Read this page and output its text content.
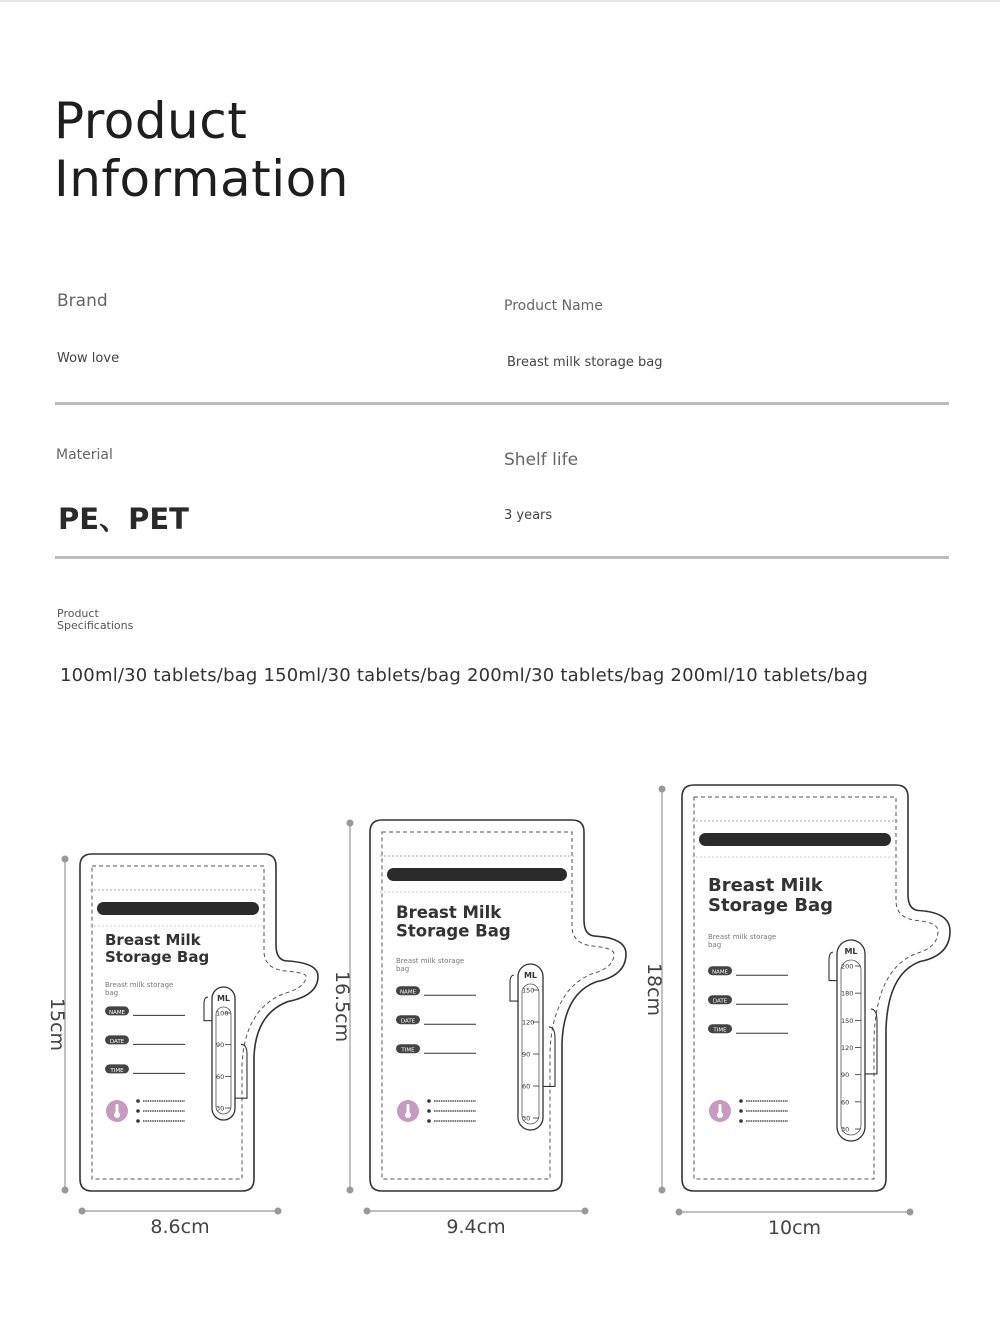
Product
Information
Brand
Wow love
Product Name
Breast milk storage bag
Material
PE、PET
Shelf life
3 years
Product Specifications
100ml/30 tablets/bag 150ml/30 tablets/bag 200ml/30 tablets/bag 200ml/10 tablets/bag
Breast Milk
Storage Bag
Breast milk storage
bag
NAME
DATE
TIME
ML
100
90
60
30
15cm
8.6cm
Breast Milk
Storage Bag
Breast milk storage
bag
NAME
DATE
TIME
ML
150
120
90
60
30
16.5cm
9.4cm
Breast Milk
Storage Bag
Breast milk storage
bag
NAME
DATE
TIME
ML
200
180
150
120
90
60
30
18cm
10cm
